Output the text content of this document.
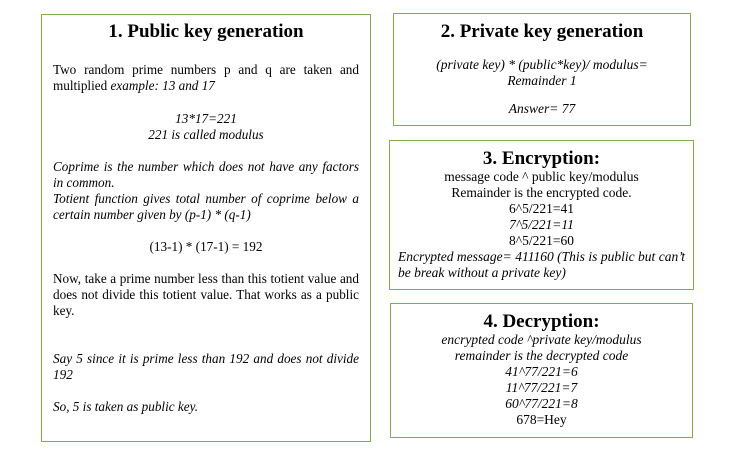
1. Public key generation

Two random prime numbers p and q are taken and multiplied example: 13 and 17

13*17=221

221 is called modulus

Coprime is the number which does not have any factors in common.

Totient function gives total number of coprime below a certain number given by (p-1) * (q-1)

(13-1) * (17-1) = 192

Now, take a prime number less than this totient value and does not divide this totient value. That works as a public key.

Say 5 since it is prime less than 192 and does not divide 192

So, 5 is taken as public key.

2. Private key generation

(private key) * (public*key)/ modulus= Remainder 1

Answer= 77

3. Encryption:

message code ^ public key/modulus

Remainder is the encrypted code.

6^5/221=41

7^5/221=11

8^5/221=60

Encrypted message= 411160 (This is public but can’t be break without a private key)

4. Decryption:

encrypted code ^private key/modulus

remainder is the decrypted code

41^77/221=6

11^77/221=7

60^77/221=8

678=Hey
